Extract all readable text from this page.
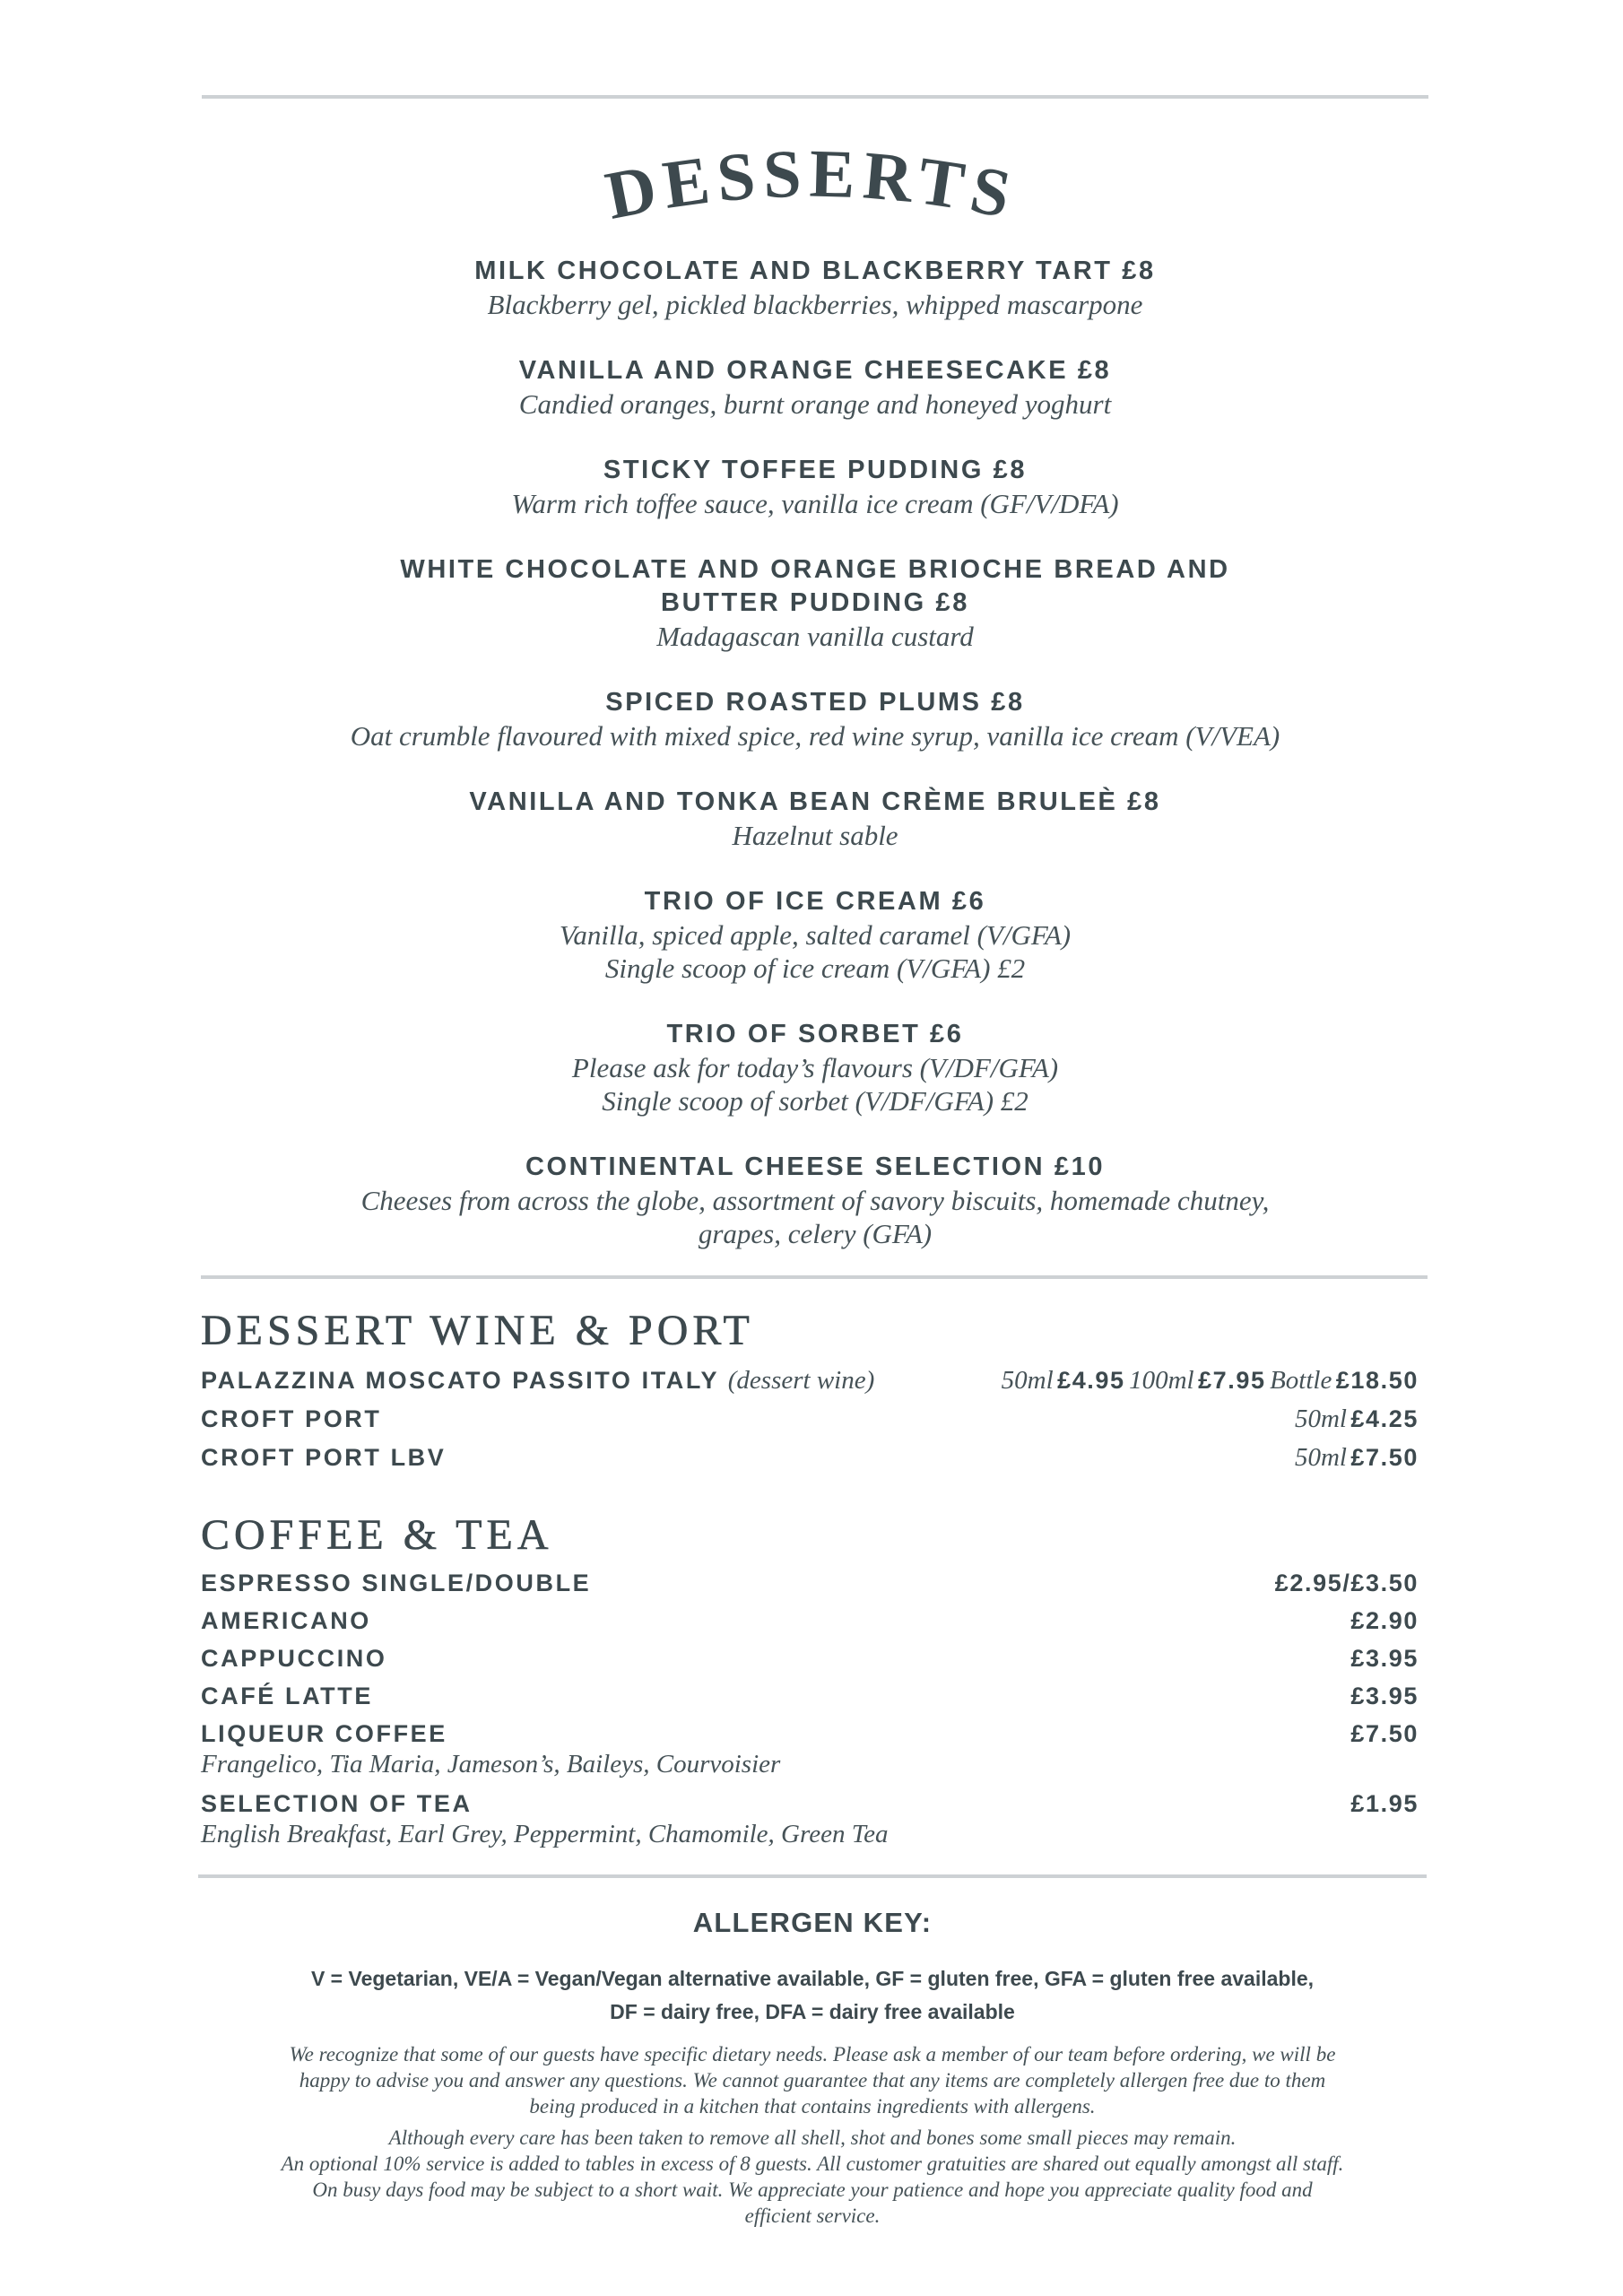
DESSERTS
MILK CHOCOLATE AND BLACKBERRY TART £8
Blackberry gel, pickled blackberries, whipped mascarpone
VANILLA AND ORANGE CHEESECAKE £8
Candied oranges, burnt orange and honeyed yoghurt
STICKY TOFFEE PUDDING £8
Warm rich toffee sauce, vanilla ice cream (GF/V/DFA)
WHITE CHOCOLATE AND ORANGE BRIOCHE BREAD AND
BUTTER PUDDING £8
Madagascan vanilla custard
SPICED ROASTED PLUMS £8
Oat crumble flavoured with mixed spice, red wine syrup, vanilla ice cream (V/VEA)
VANILLA AND TONKA BEAN CRÈME BRULEÈ £8
Hazelnut sable
TRIO OF ICE CREAM £6
Vanilla, spiced apple, salted caramel (V/GFA)
Single scoop of ice cream (V/GFA) £2
TRIO OF SORBET £6
Please ask for today’s flavours (V/DF/GFA)
Single scoop of sorbet (V/DF/GFA) £2
CONTINENTAL CHEESE SELECTION £10
Cheeses from across the globe, assortment of savory biscuits, homemade chutney,
grapes, celery (GFA)
DESSERT WINE & PORT
PALAZZINA MOSCATO PASSITO ITALY (dessert wine)	50ml £4.95 100ml £7.95 Bottle £18.50
CROFT PORT	50ml £4.25
CROFT PORT LBV	50ml £7.50
COFFEE & TEA
ESPRESSO SINGLE/DOUBLE	£2.95/£3.50
AMERICANO	£2.90
CAPPUCCINO	£3.95
CAFÉ LATTE	£3.95
LIQUEUR COFFEE	£7.50
Frangelico, Tia Maria, Jameson’s, Baileys, Courvoisier
SELECTION OF TEA	£1.95
English Breakfast, Earl Grey, Peppermint, Chamomile, Green Tea
ALLERGEN KEY:
V = Vegetarian, VE/A = Vegan/Vegan alternative available, GF = gluten free, GFA = gluten free available,
DF = dairy free, DFA = dairy free available

We recognize that some of our guests have specific dietary needs. Please ask a member of our team before ordering, we will be

happy to advise you and answer any questions. We cannot guarantee that any items are completely allergen free due to them

being produced in a kitchen that contains ingredients with allergens.

Although every care has been taken to remove all shell, shot and bones some small pieces may remain.

An optional 10% service is added to tables in excess of 8 guests. All customer gratuities are shared out equally amongst all staff.

On busy days food may be subject to a short wait. We appreciate your patience and hope you appreciate quality food and

efficient service.
